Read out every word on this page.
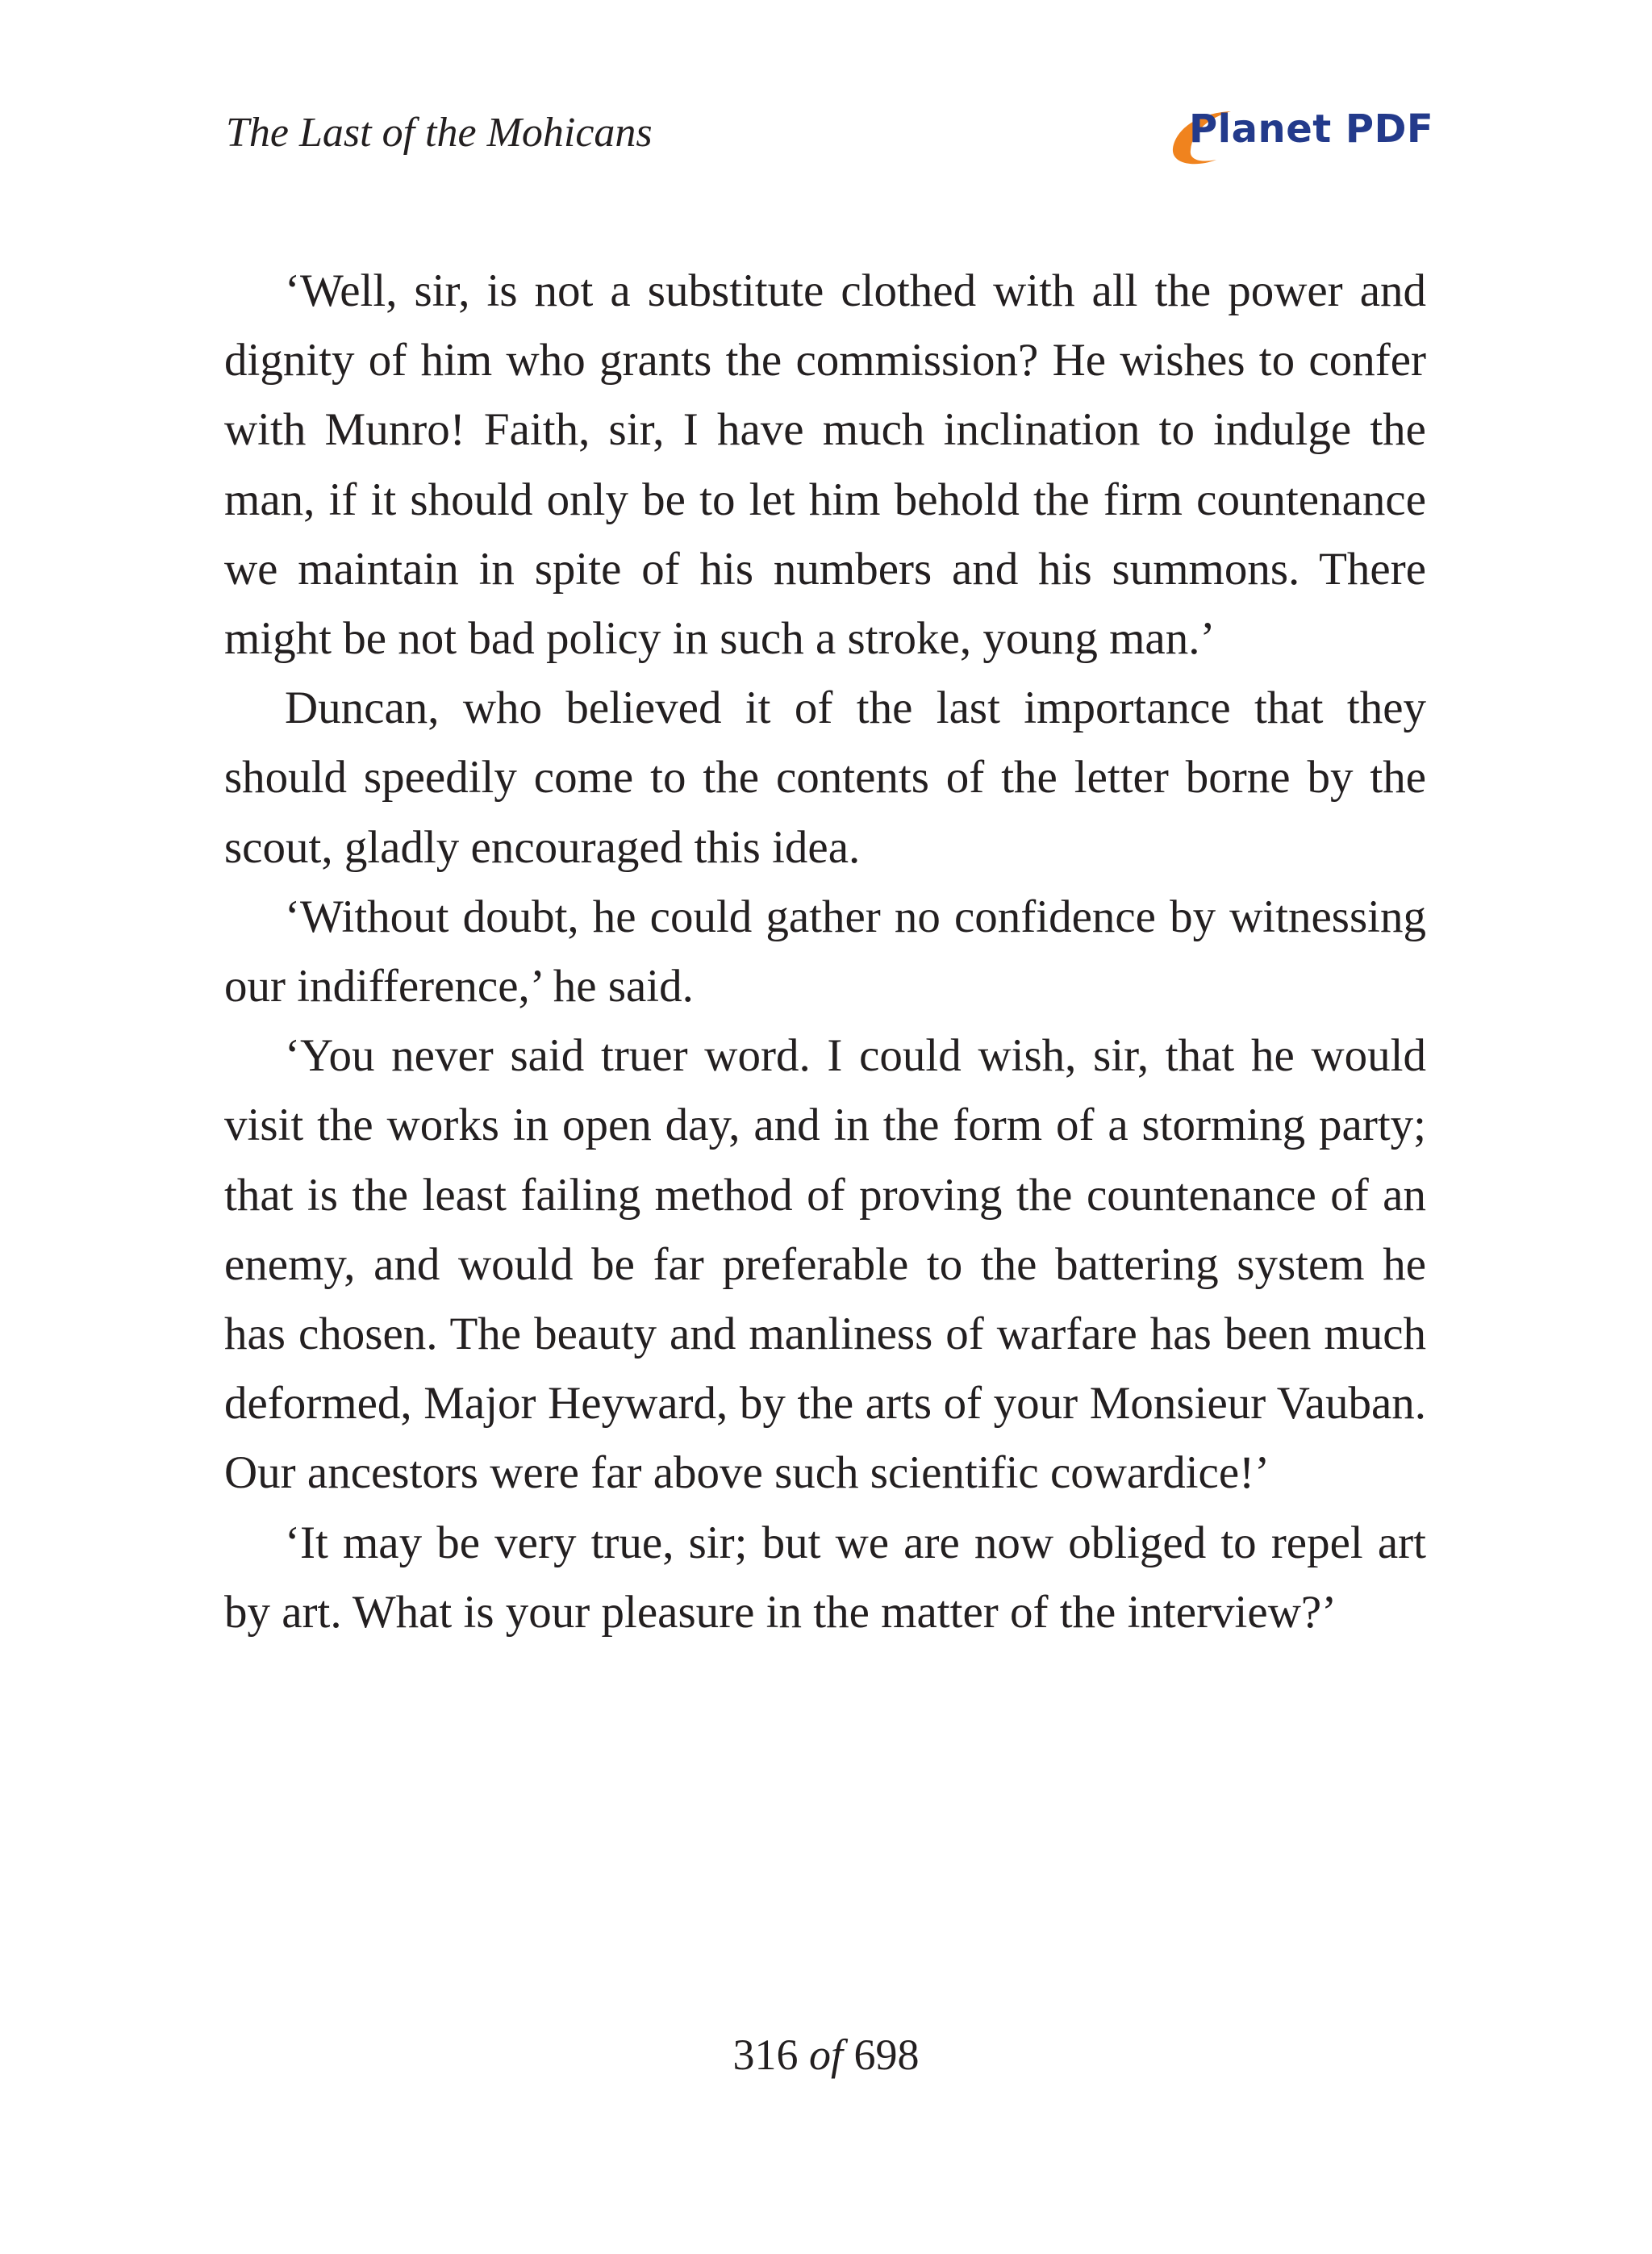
The Last of the Mohicans	Planet PDF

‘Well, sir, is not a substitute clothed with all the power and dignity of him who grants the commission? He wishes to confer with Munro! Faith, sir, I have much inclination to indulge the man, if it should only be to let him behold the firm countenance we maintain in spite of his numbers and his summons. There might be not bad policy in such a stroke, young man.’

Duncan, who believed it of the last importance that they should speedily come to the contents of the letter borne by the scout, gladly encouraged this idea.

‘Without doubt, he could gather no confidence by witnessing our indifference,’ he said.

‘You never said truer word. I could wish, sir, that he would visit the works in open day, and in the form of a storming party; that is the least failing method of proving the countenance of an enemy, and would be far preferable to the battering system he has chosen. The beauty and manliness of warfare has been much deformed, Major Heyward, by the arts of your Monsieur Vauban. Our ancestors were far above such scientific cowardice!’

‘It may be very true, sir; but we are now obliged to repel art by art. What is your pleasure in the matter of the interview?’

316 of 698
